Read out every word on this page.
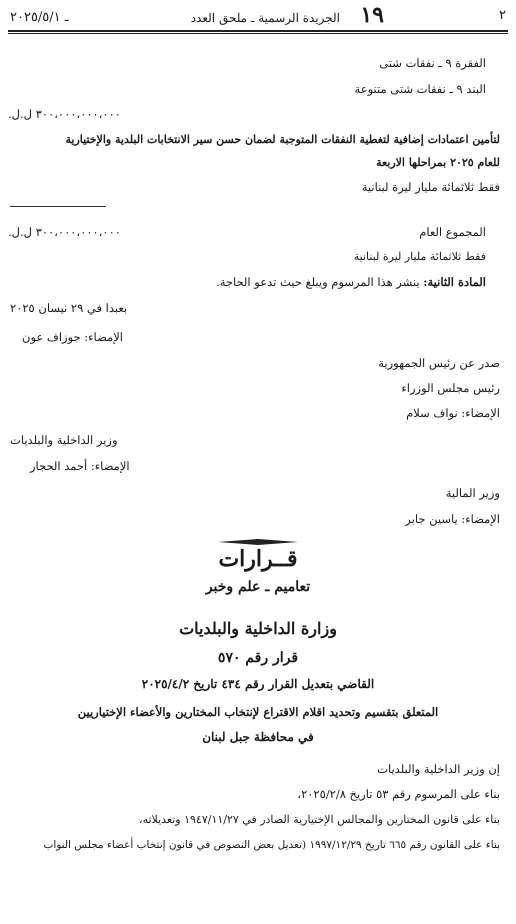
٢
الجريدة الرسمية ـ ملحق العدد ١٩
ـ ٢٠٢٥/٥/١
الفقرة ٩ ـ نفقات شتى
البند ٩ ـ نفقات شتى متنوعة
٣٠٠،٠٠٠،٠٠٠،٠٠٠ ل.ل.
لتأمين اعتمادات إضافية لتغطية النفقات المتوجبة لضمان حسن سير الانتخابات البلدية والإختيارية
للعام ٢٠٢٥ بمراحلها الاربعة
فقط ثلاثمائة مليار ليرة لبنانية
المجموع العام
٣٠٠،٠٠٠،٠٠٠،٠٠٠ ل.ل.
فقط ثلاثمائة مليار ليرة لبنانية
المادة الثانية: ينشر هذا المرسوم ويبلغ حيث تدعو الحاجة.
بعبدا في ٢٩ نيسان ٢٠٢٥
الإمضاء: جوزاف عون
صدر عن رئيس الجمهورية
رئيس مجلس الوزراء
الإمضاء: نواف سلام
وزير الداخلية والبلديات
الإمضاء: أحمد الحجار
وزير المالية
الإمضاء: ياسين جابر
قــرارات
تعاميم ـ علم وخبر
وزارة الداخلية والبلديات
قرار رقم ٥٧٠
القاضي بتعديل القرار رقم ٤٣٤ تاريخ ٢٠٢٥/٤/٢
المتعلق بتقسيم وتحديد اقلام الاقتراع لإنتخاب المختارين والأعضاء الإختياريين
في محافظة جبل لبنان
إن وزير الداخلية والبلديات
بناء على المرسوم رقم ٥٣ تاريخ ٢٠٢٥/٢/٨،
بناء على قانون المختارين والمجالس الإختيارية الصادر في ١٩٤٧/١١/٢٧ وتعديلاته،
بناء على القانون رقم ٦٦٥ تاريخ ١٩٩٧/١٢/٢٩ (تعديل بعض النصوص في قانون إنتخاب أعضاء مجلس النواب
